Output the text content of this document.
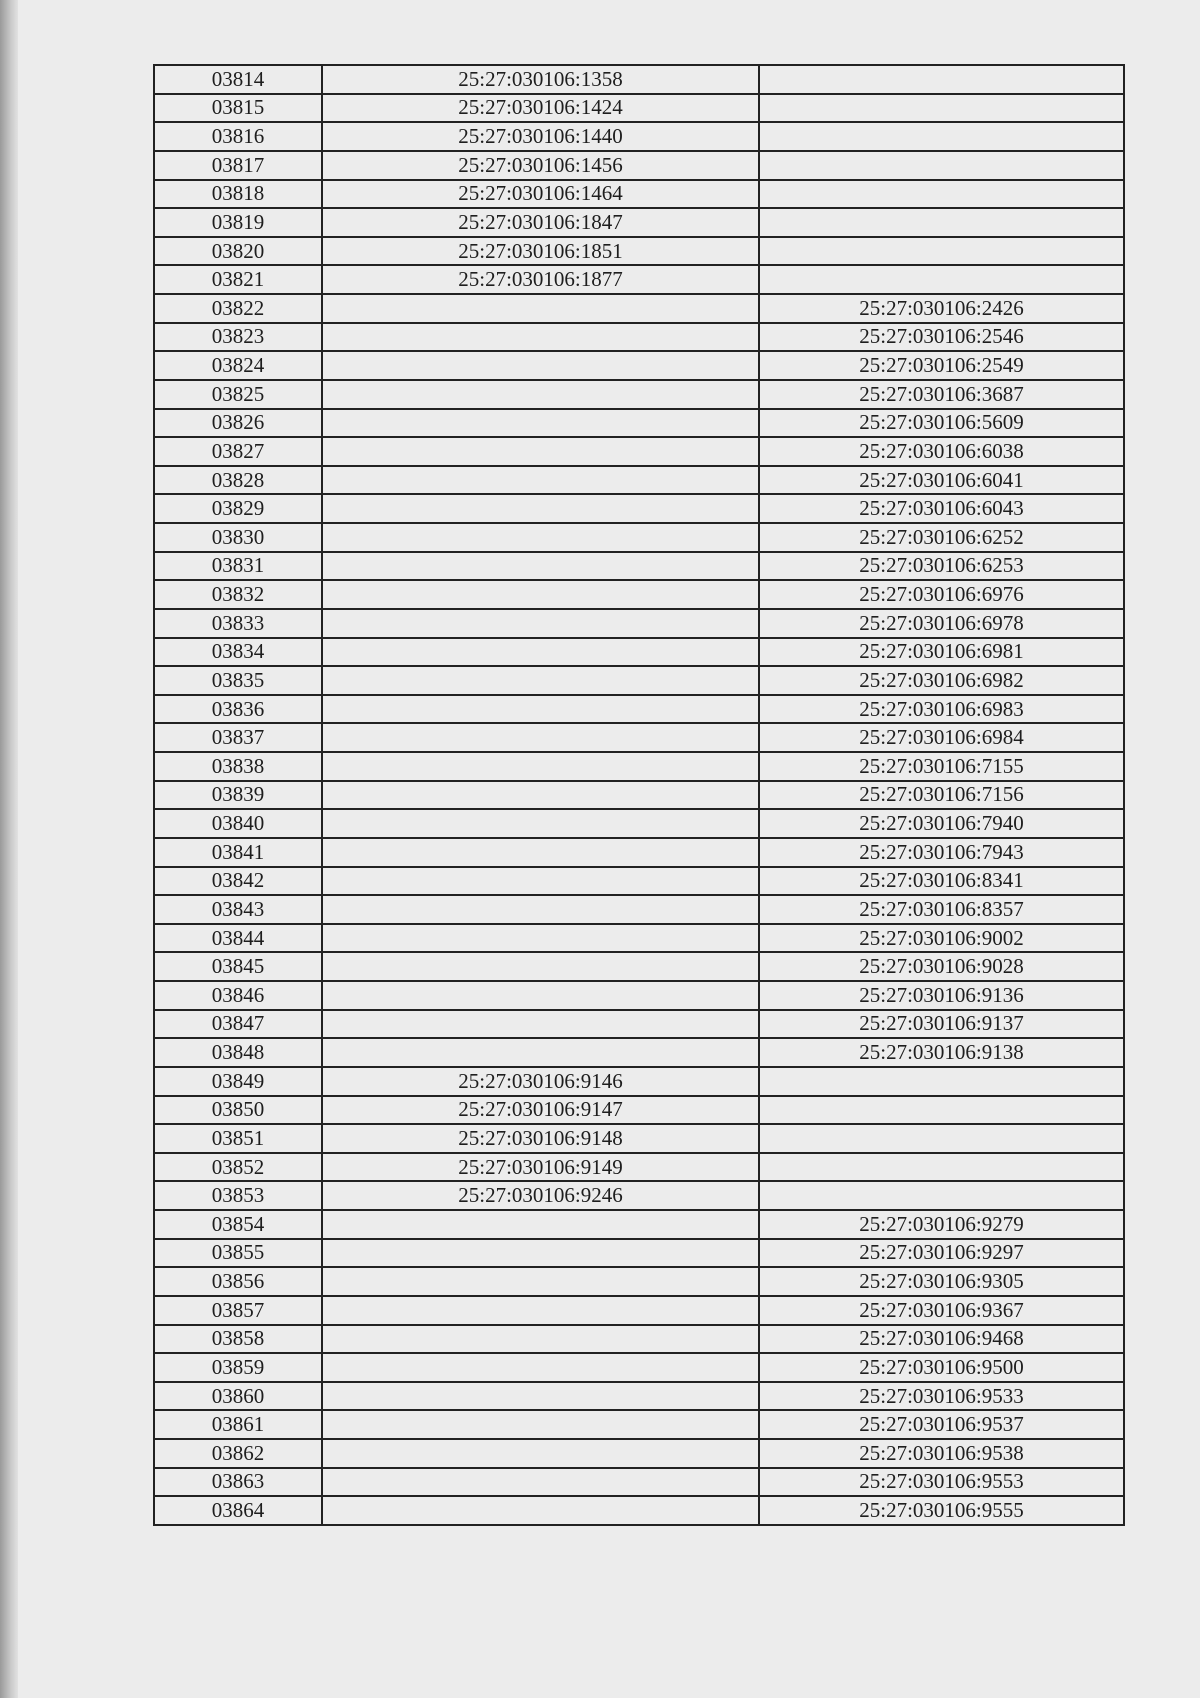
03814	25:27:030106:1358	
03815	25:27:030106:1424	
03816	25:27:030106:1440	
03817	25:27:030106:1456	
03818	25:27:030106:1464	
03819	25:27:030106:1847	
03820	25:27:030106:1851	
03821	25:27:030106:1877	
03822		25:27:030106:2426
03823		25:27:030106:2546
03824		25:27:030106:2549
03825		25:27:030106:3687
03826		25:27:030106:5609
03827		25:27:030106:6038
03828		25:27:030106:6041
03829		25:27:030106:6043
03830		25:27:030106:6252
03831		25:27:030106:6253
03832		25:27:030106:6976
03833		25:27:030106:6978
03834		25:27:030106:6981
03835		25:27:030106:6982
03836		25:27:030106:6983
03837		25:27:030106:6984
03838		25:27:030106:7155
03839		25:27:030106:7156
03840		25:27:030106:7940
03841		25:27:030106:7943
03842		25:27:030106:8341
03843		25:27:030106:8357
03844		25:27:030106:9002
03845		25:27:030106:9028
03846		25:27:030106:9136
03847		25:27:030106:9137
03848		25:27:030106:9138
03849	25:27:030106:9146	
03850	25:27:030106:9147	
03851	25:27:030106:9148	
03852	25:27:030106:9149	
03853	25:27:030106:9246	
03854		25:27:030106:9279
03855		25:27:030106:9297
03856		25:27:030106:9305
03857		25:27:030106:9367
03858		25:27:030106:9468
03859		25:27:030106:9500
03860		25:27:030106:9533
03861		25:27:030106:9537
03862		25:27:030106:9538
03863		25:27:030106:9553
03864		25:27:030106:9555
